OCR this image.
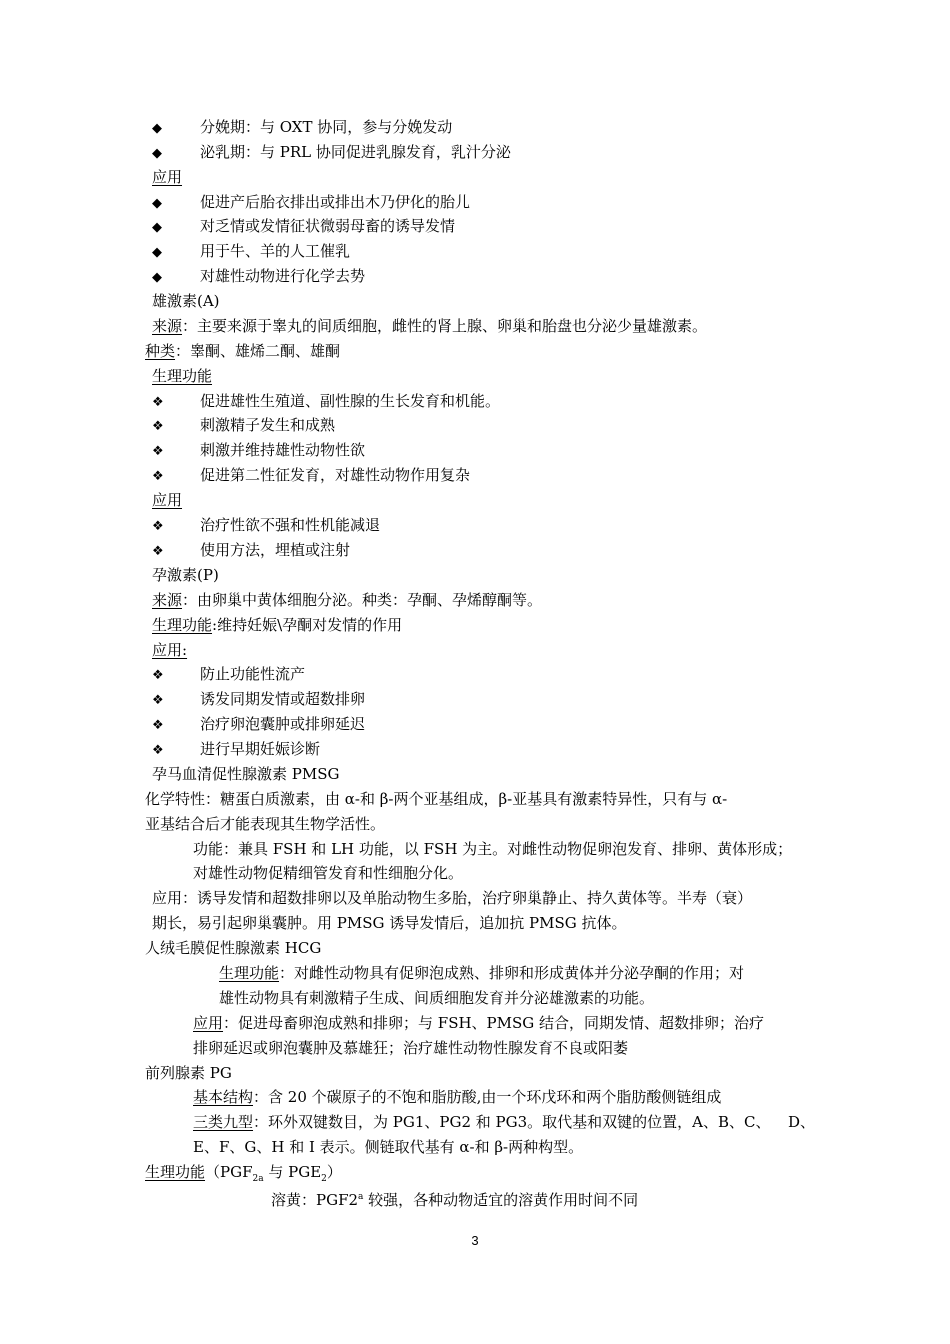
◆	分娩期：与 OXT 协同，参与分娩发动
◆	泌乳期：与 PRL 协同促进乳腺发育，乳汁分泌
应用
◆	促进产后胎衣排出或排出木乃伊化的胎儿
◆	对乏情或发情征状微弱母畜的诱导发情
◆	用于牛、羊的人工催乳
◆	对雄性动物进行化学去势
雄激素(A)
来源：主要来源于睾丸的间质细胞，雌性的肾上腺、卵巢和胎盘也分泌少量雄激素。
种类：睾酮、雄烯二酮、雄酮
生理功能
❖ 促进雄性生殖道、副性腺的生长发育和机能。
❖ 刺激精子发生和成熟
❖ 刺激并维持雄性动物性欲
❖ 促进第二性征发育，对雄性动物作用复杂
应用
❖ 治疗性欲不强和性机能减退
❖ 使用方法，埋植或注射
孕激素(P)
来源：由卵巢中黄体细胞分泌。种类：孕酮、孕烯醇酮等。
生理功能:维持妊娠\孕酮对发情的作用
应用:
❖ 防止功能性流产
❖ 诱发同期发情或超数排卵
❖ 治疗卵泡囊肿或排卵延迟
❖ 进行早期妊娠诊断
孕马血清促性腺激素 PMSG
化学特性：糖蛋白质激素，由 α-和 β-两个亚基组成，β-亚基具有激素特异性，只有与 α-
亚基结合后才能表现其生物学活性。
功能：兼具 FSH 和 LH 功能，以 FSH 为主。对雌性动物促卵泡发育、排卵、黄体形成；
对雄性动物促精细管发育和性细胞分化。
应用：诱导发情和超数排卵以及单胎动物生多胎，治疗卵巢静止、持久黄体等。半寿（衰）
期长，易引起卵巢囊肿。用 PMSG 诱导发情后，追加抗 PMSG 抗体。
人绒毛膜促性腺激素 HCG
生理功能：对雌性动物具有促卵泡成熟、排卵和形成黄体并分泌孕酮的作用；对
雄性动物具有刺激精子生成、间质细胞发育并分泌雄激素的功能。
应用：促进母畜卵泡成熟和排卵；与 FSH、PMSG 结合，同期发情、超数排卵；治疗
排卵延迟或卵泡囊肿及慕雄狂；治疗雄性动物性腺发育不良或阳萎
前列腺素 PG
基本结构：含 20 个碳原子的不饱和脂肪酸,由一个环戊环和两个脂肪酸侧链组成
三类九型：环外双键数目，为 PG1、PG2 和 PG3。取代基和双键的位置，A、B、C、 D、
E、F、G、H 和 I 表示。侧链取代基有 α-和 β-两种构型。
生理功能（$PGF_{2a}$ 与 $PGE_2$）
溶黄：PGF2$^a$ 较强，各种动物适宜的溶黄作用时间不同
3
